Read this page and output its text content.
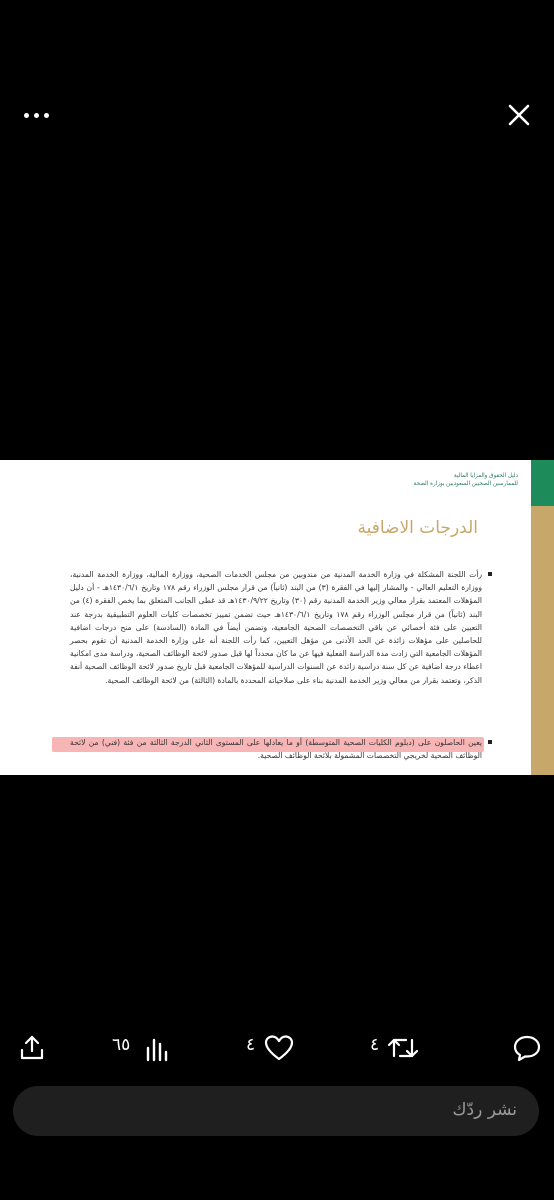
دليل الحقوق والمزايا المالية
للممارسين الصحيين السعوديين بوزارة الصحة
الدرجات الاضافية
رأت اللجنة المشكلة في وزارة الخدمة المدنية من مندوبين من مجلس الخدمات الصحية، ووزارة المالية، ووزارة الخدمة المدنية، ووزارة التعليم العالي - والمشار إليها في الفقرة (٣) من البند (ثانياً) من قرار مجلس الوزراء رقم ١٧٨ وتاريخ ١٤٣٠/٦/١هـ - أن دليل المؤهلات المعتمد بقرار معالي وزير الخدمة المدنية رقم (٣٠) وتاريخ ١٤٣٠/٩/٢٢هـ قد غطى الجانب المتعلق بما يخص الفقرة (٤) من البند (ثانياً) من قرار مجلس الوزراء رقم ١٧٨ وتاريخ ١٤٣٠/٦/١هـ حيث تضمن تمييز تخصصات كليات العلوم التطبيقية بدرجة عند التعيين على فئة أخصائي عن باقي التخصصات الصحية الجامعية، وتضمن أيضاً في المادة (السادسة) على منح درجات اضافية للحاصلين على مؤهلات زائدة عن الحد الأدنى من مؤهل التعيين، كما رأت اللجنة أنه على وزارة الخدمة المدنية أن تقوم بحصر المؤهلات الجامعية التي زادت مدة الدراسة الفعلية فيها عن ما كان محدداً لها قبل صدور لائحة الوظائف الصحية، ودراسة مدى امكانية اعطاء درجة اضافية عن كل سنة دراسية زائدة عن السنوات الدراسية للمؤهلات الجامعية قبل تاريخ صدور لائحة الوظائف الصحية أنفة الذكر، وتعتمد بقرار من معالي وزير الخدمة المدنية بناء على صلاحياته المحددة بالمادة (الثالثة) من لائحة الوظائف الصحية.
يعين الحاصلون على (دبلوم الكليات الصحية المتوسطة) أو ما يعادلها على المستوى الثاني الدرجة الثالثة من فئة (فني) من لائحة الوظائف الصحية لخريجي التخصصات المشمولة بلائحة الوظائف الصحية.
٦٥	٤	٤
نشر ردّك
